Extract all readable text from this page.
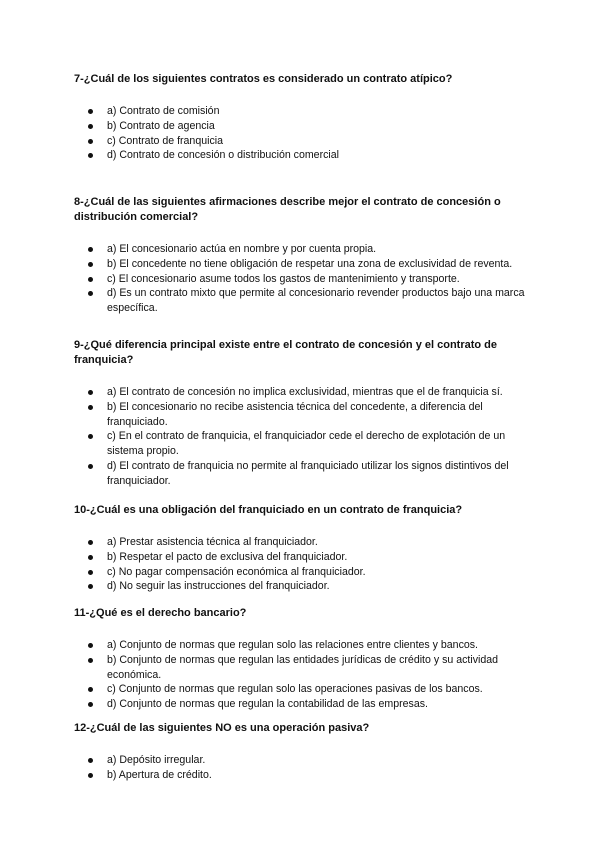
7-¿Cuál de los siguientes contratos es considerado un contrato atípico?
a) Contrato de comisión
b) Contrato de agencia
c) Contrato de franquicia
d) Contrato de concesión o distribución comercial
8-¿Cuál de las siguientes afirmaciones describe mejor el contrato de concesión o distribución comercial?
a) El concesionario actúa en nombre y por cuenta propia.
b) El concedente no tiene obligación de respetar una zona de exclusividad de reventa.
c) El concesionario asume todos los gastos de mantenimiento y transporte.
d) Es un contrato mixto que permite al concesionario revender productos bajo una marca específica.
9-¿Qué diferencia principal existe entre el contrato de concesión y el contrato de franquicia?
a) El contrato de concesión no implica exclusividad, mientras que el de franquicia sí.
b) El concesionario no recibe asistencia técnica del concedente, a diferencia del franquiciado.
c) En el contrato de franquicia, el franquiciador cede el derecho de explotación de un sistema propio.
d) El contrato de franquicia no permite al franquiciado utilizar los signos distintivos del franquiciador.
10-¿Cuál es una obligación del franquiciado en un contrato de franquicia?
a) Prestar asistencia técnica al franquiciador.
b) Respetar el pacto de exclusiva del franquiciador.
c) No pagar compensación económica al franquiciador.
d) No seguir las instrucciones del franquiciador.
11-¿Qué es el derecho bancario?
a) Conjunto de normas que regulan solo las relaciones entre clientes y bancos.
b) Conjunto de normas que regulan las entidades jurídicas de crédito y su actividad económica.
c) Conjunto de normas que regulan solo las operaciones pasivas de los bancos.
d) Conjunto de normas que regulan la contabilidad de las empresas.
12-¿Cuál de las siguientes NO es una operación pasiva?
a) Depósito irregular.
b) Apertura de crédito.
